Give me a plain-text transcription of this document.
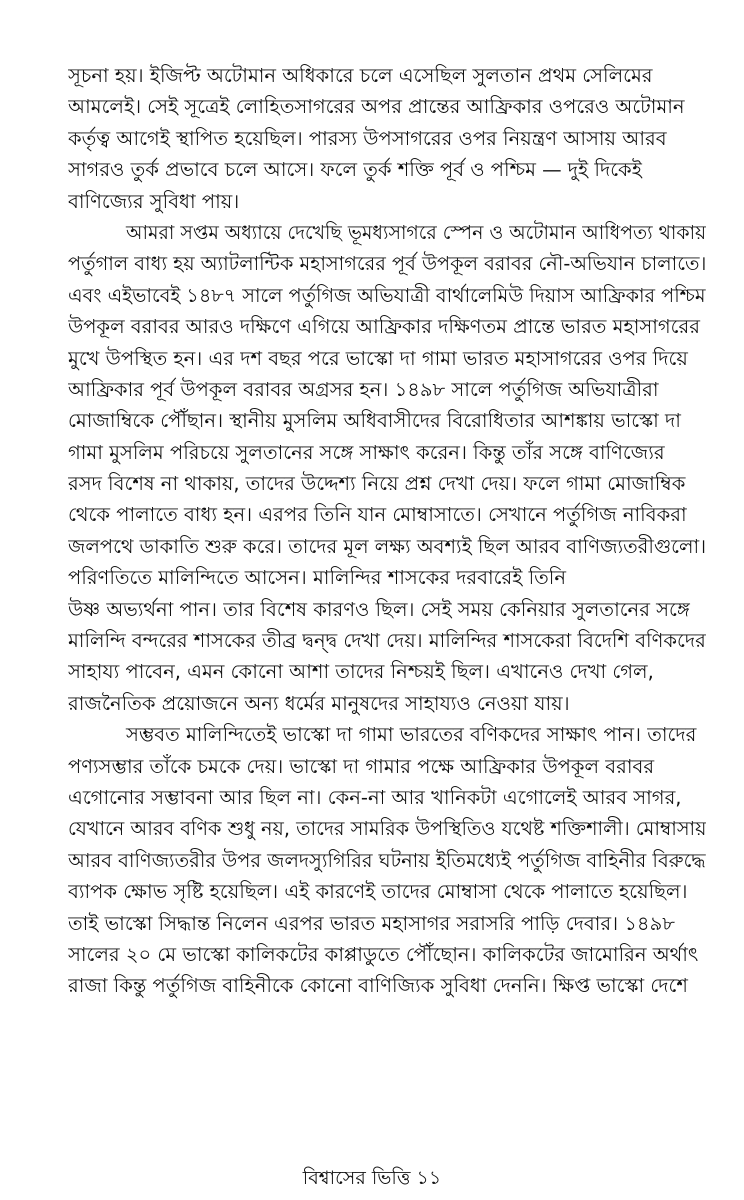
সূচনা হয়। ইজিপ্ট অটোমান অধিকারে চলে এসেছিল সুলতান প্রথম সেলিমের
আমলেই। সেই সূত্রেই লোহিতসাগরের অপর প্রান্তের আফ্রিকার ওপরেও অটোমান
কর্তৃত্ব আগেই স্থাপিত হয়েছিল। পারস্য উপসাগরের ওপর নিয়ন্ত্রণ আসায় আরব
সাগরও তুর্ক প্রভাবে চলে আসে। ফলে তুর্ক শক্তি পূর্ব ও পশ্চিম — দুই দিকেই
বাণিজ্যের সুবিধা পায়।
আমরা সপ্তম অধ্যায়ে দেখেছি ভূমধ্যসাগরে স্পেন ও অটোমান আধিপত্য থাকায়
পর্তুগাল বাধ্য হয় অ্যাটলান্টিক মহাসাগরের পূর্ব উপকূল বরাবর নৌ-অভিযান চালাতে।
এবং এইভাবেই ১৪৮৭ সালে পর্তুগিজ অভিযাত্রী বার্থালেমিউ দিয়াস আফ্রিকার পশ্চিম
উপকূল বরাবর আরও দক্ষিণে এগিয়ে আফ্রিকার দক্ষিণতম প্রান্তে ভারত মহাসাগরের
মুখে উপস্থিত হন। এর দশ বছর পরে ভাস্কো দা গামা ভারত মহাসাগরের ওপর দিয়ে
আফ্রিকার পূর্ব উপকূল বরাবর অগ্রসর হন। ১৪৯৮ সালে পর্তুগিজ অভিযাত্রীরা
মোজাম্বিকে পৌঁছান। স্থানীয় মুসলিম অধিবাসীদের বিরোধিতার আশঙ্কায় ভাস্কো দা
গামা মুসলিম পরিচয়ে সুলতানের সঙ্গে সাক্ষাৎ করেন। কিন্তু তাঁর সঙ্গে বাণিজ্যের
রসদ বিশেষ না থাকায়, তাদের উদ্দেশ্য নিয়ে প্রশ্ন দেখা দেয়। ফলে গামা মোজাম্বিক
থেকে পালাতে বাধ্য হন। এরপর তিনি যান মোম্বাসাতে। সেখানে পর্তুগিজ নাবিকরা
জলপথে ডাকাতি শুরু করে। তাদের মূল লক্ষ্য অবশ্যই ছিল আরব বাণিজ্যতরীগুলো।
পরিণতিতে মালিন্দিতে আসেন। মালিন্দির শাসকের দরবারেই তিনি
উষ্ণ অভ্যর্থনা পান। তার বিশেষ কারণও ছিল। সেই সময় কেনিয়ার সুলতানের সঙ্গে
মালিন্দি বন্দরের শাসকের তীব্র দ্বন্দ্ব দেখা দেয়। মালিন্দির শাসকেরা বিদেশি বণিকদের
সাহায্য পাবেন, এমন কোনো আশা তাদের নিশ্চয়ই ছিল। এখানেও দেখা গেল,
রাজনৈতিক প্রয়োজনে অন্য ধর্মের মানুষদের সাহায্যও নেওয়া যায়।
সম্ভবত মালিন্দিতেই ভাস্কো দা গামা ভারতের বণিকদের সাক্ষাৎ পান। তাদের
পণ্যসম্ভার তাঁকে চমকে দেয়। ভাস্কো দা গামার পক্ষে আফ্রিকার উপকূল বরাবর
এগোনোর সম্ভাবনা আর ছিল না। কেন-না আর খানিকটা এগোলেই আরব সাগর,
যেখানে আরব বণিক শুধু নয়, তাদের সামরিক উপস্থিতিও যথেষ্ট শক্তিশালী। মোম্বাসায়
আরব বাণিজ্যতরীর উপর জলদস্যুগিরির ঘটনায় ইতিমধ্যেই পর্তুগিজ বাহিনীর বিরুদ্ধে
ব্যাপক ক্ষোভ সৃষ্টি হয়েছিল। এই কারণেই তাদের মোম্বাসা থেকে পালাতে হয়েছিল।
তাই ভাস্কো সিদ্ধান্ত নিলেন এরপর ভারত মহাসাগর সরাসরি পাড়ি দেবার। ১৪৯৮
সালের ২০ মে ভাস্কো কালিকটের কাপ্পাডুতে পৌঁছোন। কালিকটের জামোরিন অর্থাৎ
রাজা কিন্তু পর্তুগিজ বাহিনীকে কোনো বাণিজ্যিক সুবিধা দেননি। ক্ষিপ্ত ভাস্কো দেশে
বিশ্বাসের ভিত্তি ১১
